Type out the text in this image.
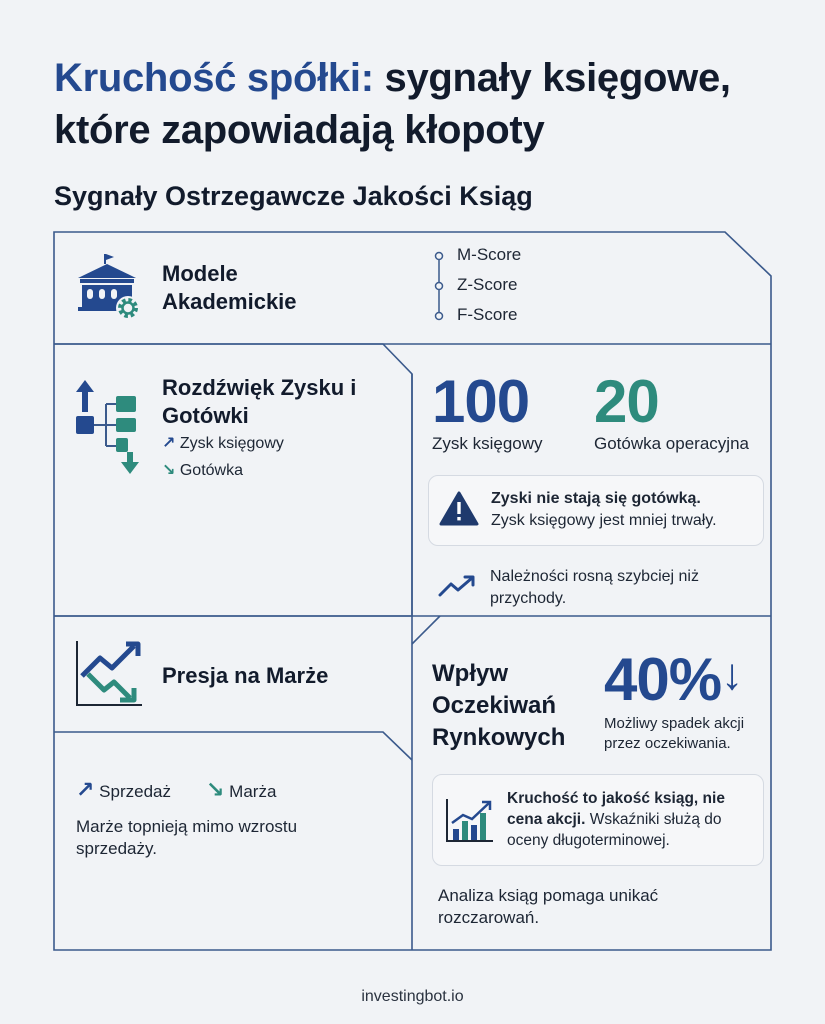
Kruchość spółki: sygnały księgowe, które zapowiadają kłopoty
Sygnały Ostrzegawcze Jakości Ksiąg
Modele Akademickie
M-Score
Z-Score
F-Score
Rozdźwięk Zysku i Gotówki
↗ Zysk księgowy
↘ Gotówka
100
Zysk księgowy
20
Gotówka operacyjna
Zyski nie stają się gotówką.
Zysk księgowy jest mniej trwały.
Należności rosną szybciej niż przychody.
Presja na Marże
↗ Sprzedaż ↘ Marża
Marże topnieją mimo wzrostu sprzedaży.
Wpływ Oczekiwań Rynkowych
40%↓
Możliwy spadek akcji przez oczekiwania.
Kruchość to jakość ksiąg, nie cena akcji. Wskaźniki służą do oceny długoterminowej.
Analiza ksiąg pomaga unikać rozczarowań.
investingbot.io
